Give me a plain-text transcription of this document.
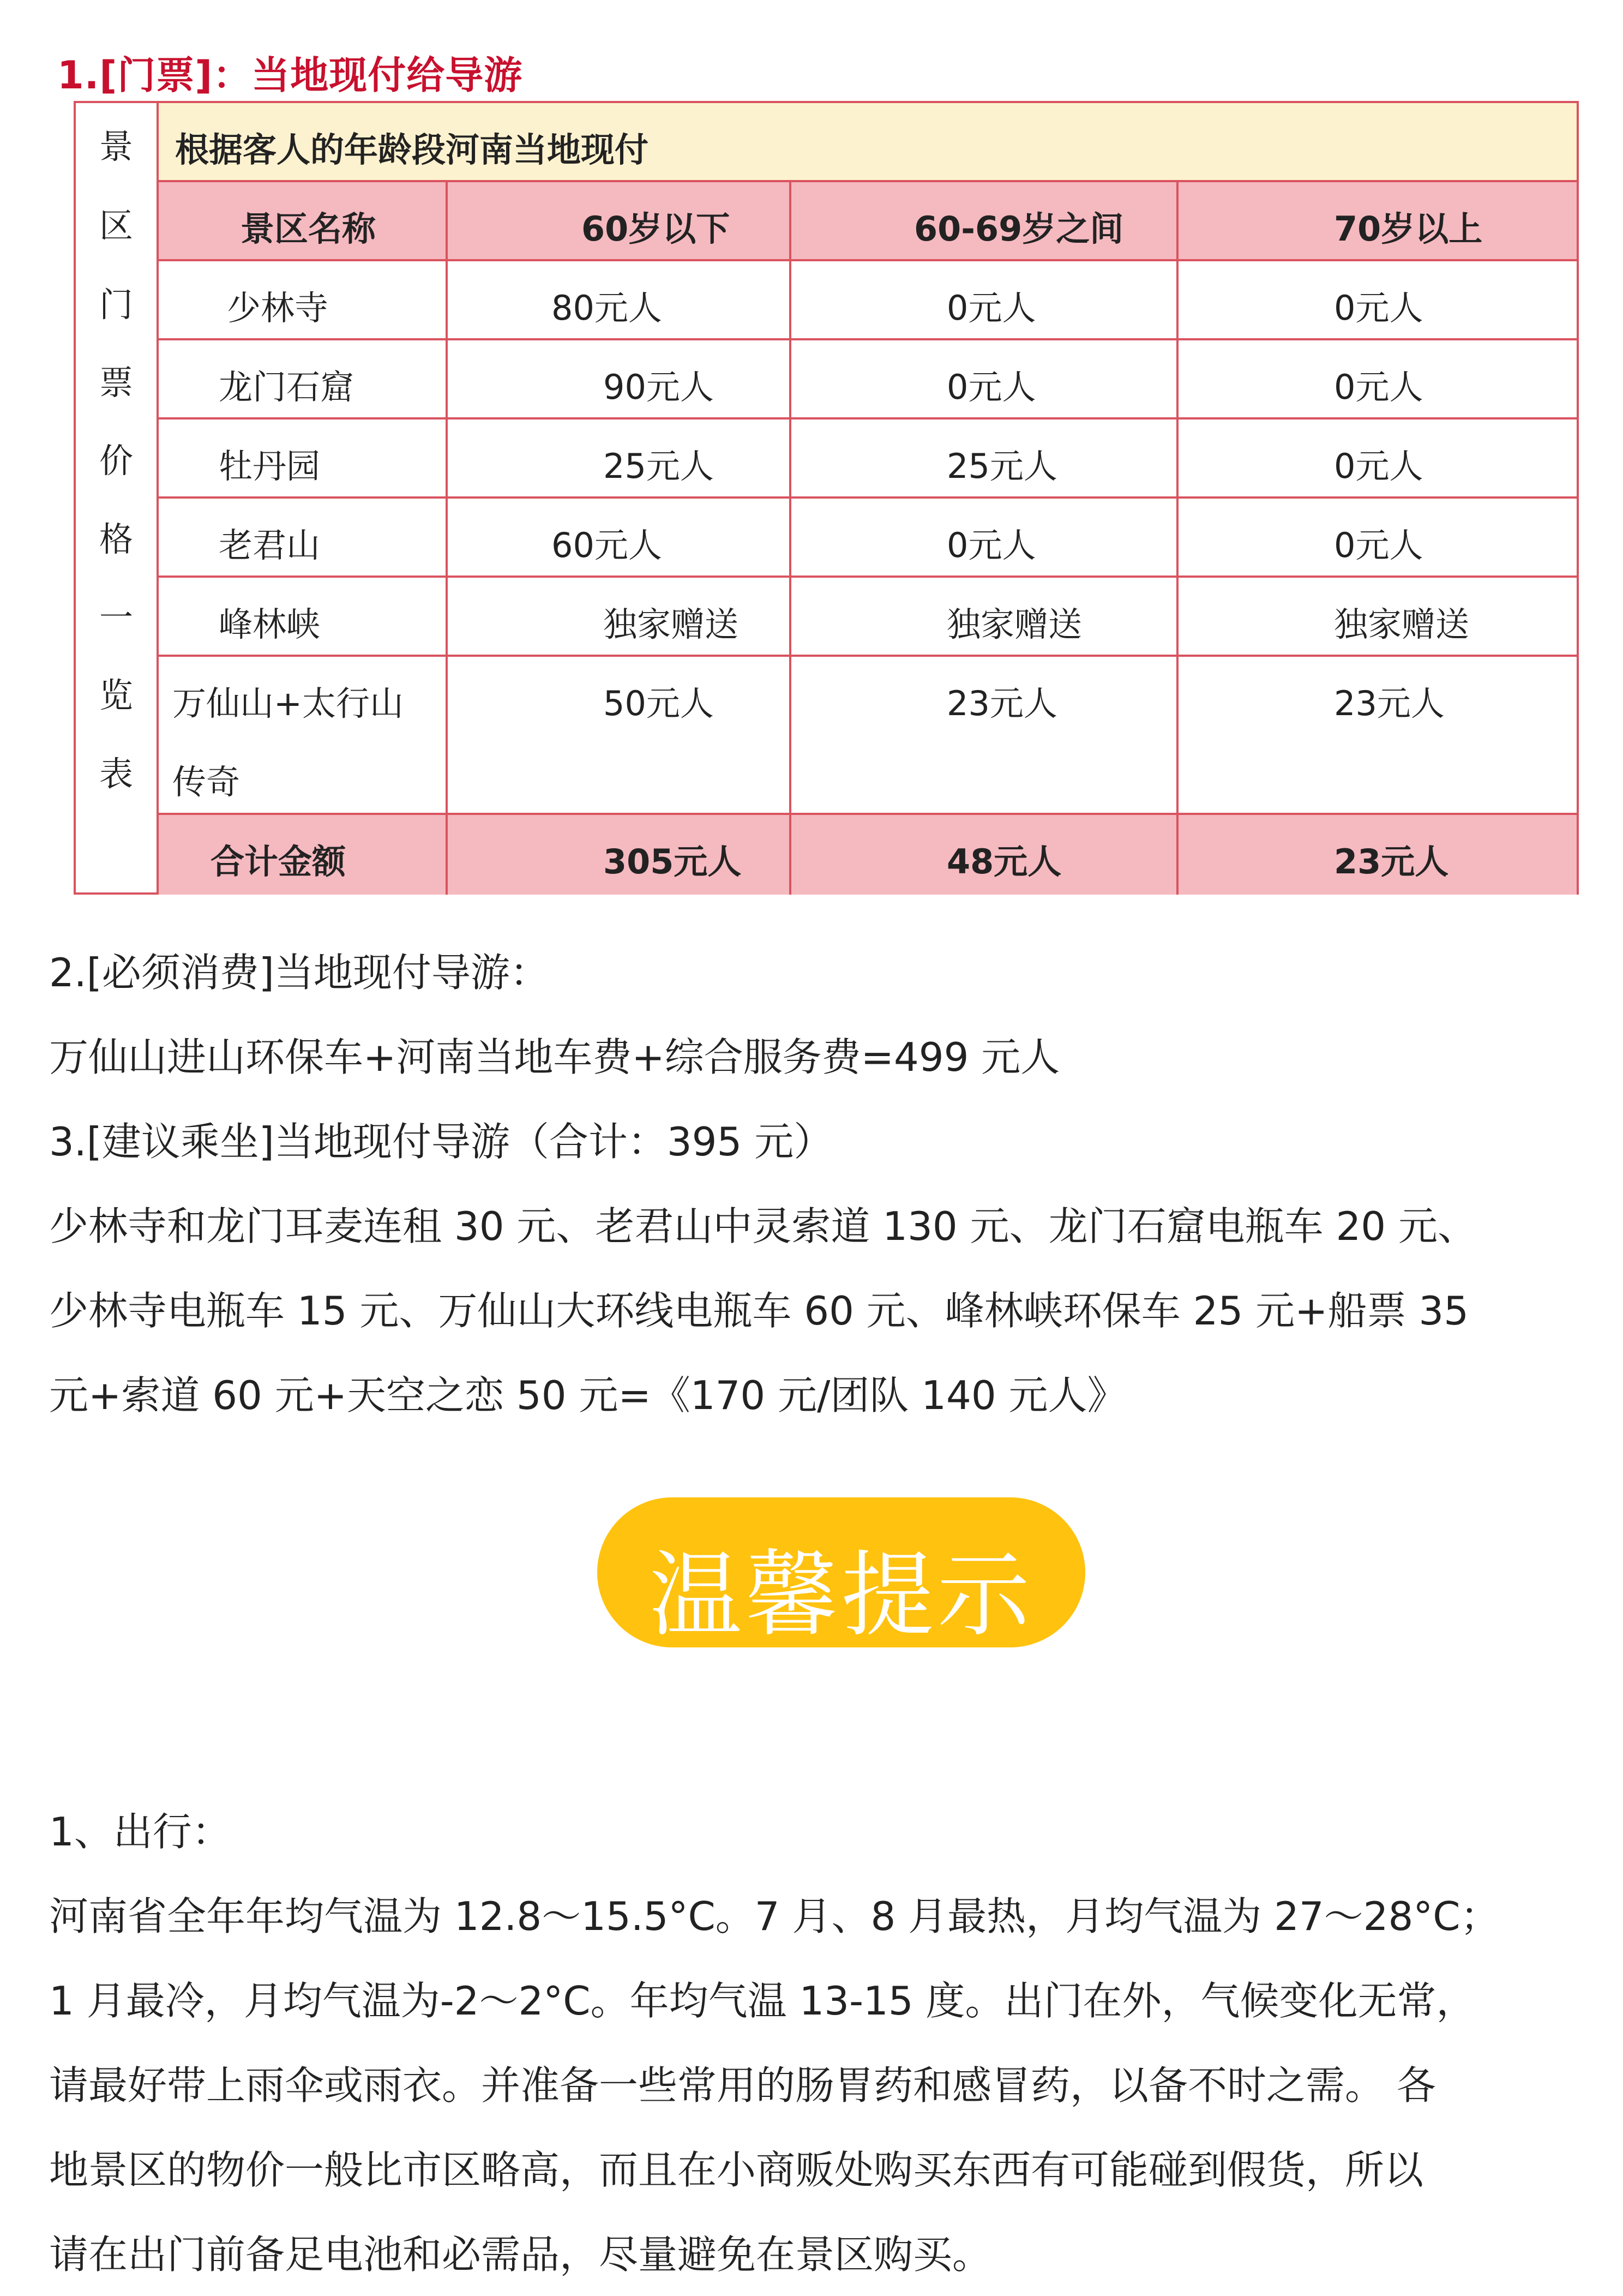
1.[门票]：当地现付给导游
景
区
门
票
价
格
一
览
表
根据客人的年龄段河南当地现付
景区名称	60岁以下	60-69岁之间	70岁以上
少林寺	80元人	0元人	0元人
龙门石窟	90元人	0元人	0元人
牡丹园	25元人	25元人	0元人
老君山	60元人	0元人	0元人
峰林峡	独家赠送	独家赠送	独家赠送
万仙山+太行山
传奇
50元人	23元人	23元人
合计金额	305元人	48元人	23元人
2.[必须消费]当地现付导游：
万仙山进山环保车+河南当地车费+综合服务费=499 元人
3.[建议乘坐]当地现付导游（合计：395 元）
少林寺和龙门耳麦连租 30 元、老君山中灵索道 130 元、龙门石窟电瓶车 20 元、
少林寺电瓶车 15 元、万仙山大环线电瓶车 60 元、峰林峡环保车 25 元+船票 35
元+索道 60 元+天空之恋 50 元=《170 元/团队 140 元人》
温馨提示
1、出行：
河南省全年年均气温为 12.8～15.5°C。7 月、8 月最热，月均气温为 27～28°C；
1 月最冷，月均气温为-2～2°C。年均气温 13-15 度。出门在外，气候变化无常，
请最好带上雨伞或雨衣。并准备一些常用的肠胃药和感冒药，以备不时之需。 各
地景区的物价一般比市区略高，而且在小商贩处购买东西有可能碰到假货，所以
请在出门前备足电池和必需品，尽量避免在景区购买。
